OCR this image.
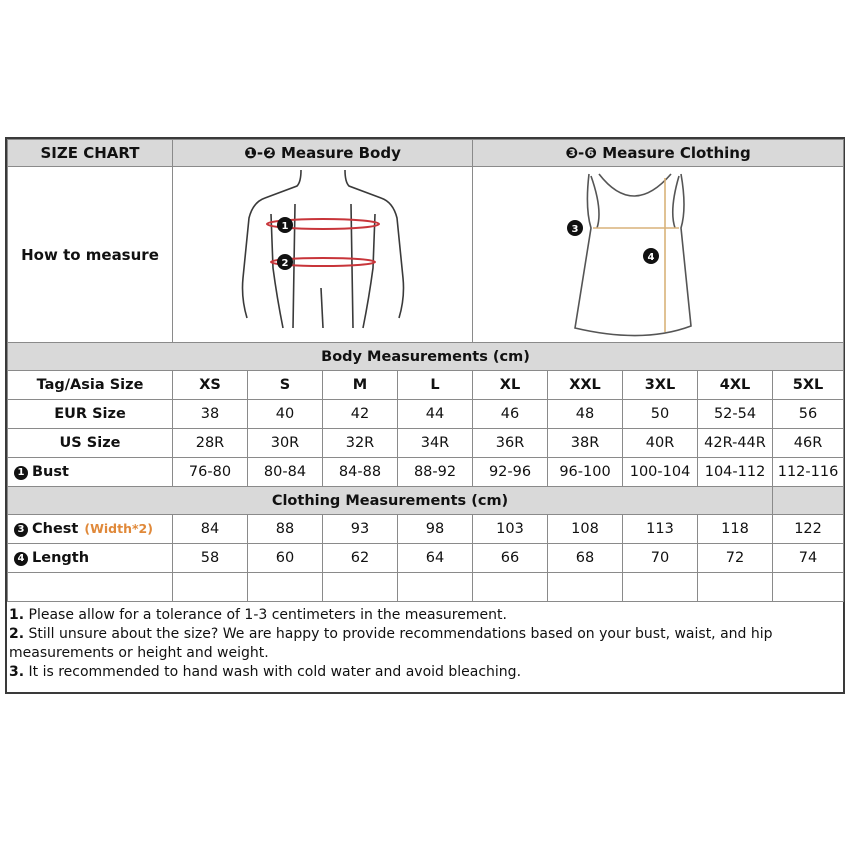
SIZE CHART	❶-❷ Measure Body				❸-❻ Measure Clothing				
How to measure	1
2				3
4				

Body Measurements (cm)									
Tag/Asia Size	XS	S	M	L	XL	XXL	3XL	4XL	5XL
EUR Size	38	40	42	44	46	48	50	52-54	56
US Size	28R	30R	32R	34R	36R	38R	40R	42R-44R	46R
1 Bust	76-80	80-84	84-88	88-92	92-96	96-100	100-104	104-112	112-116
Clothing Measurements (cm)									
3 Chest (Width*2)	84	88	93	98	103	108	113	118	122
4 Length	58	60	62	64	66	68	70	72	74

1. Please allow for a tolerance of 1-3 centimeters in the measurement.

2. Still unsure about the size? We are happy to provide recommendations based on your bust, waist, and hip measurements or height and weight.

3. It is recommended to hand wash with cold water and avoid bleaching.
